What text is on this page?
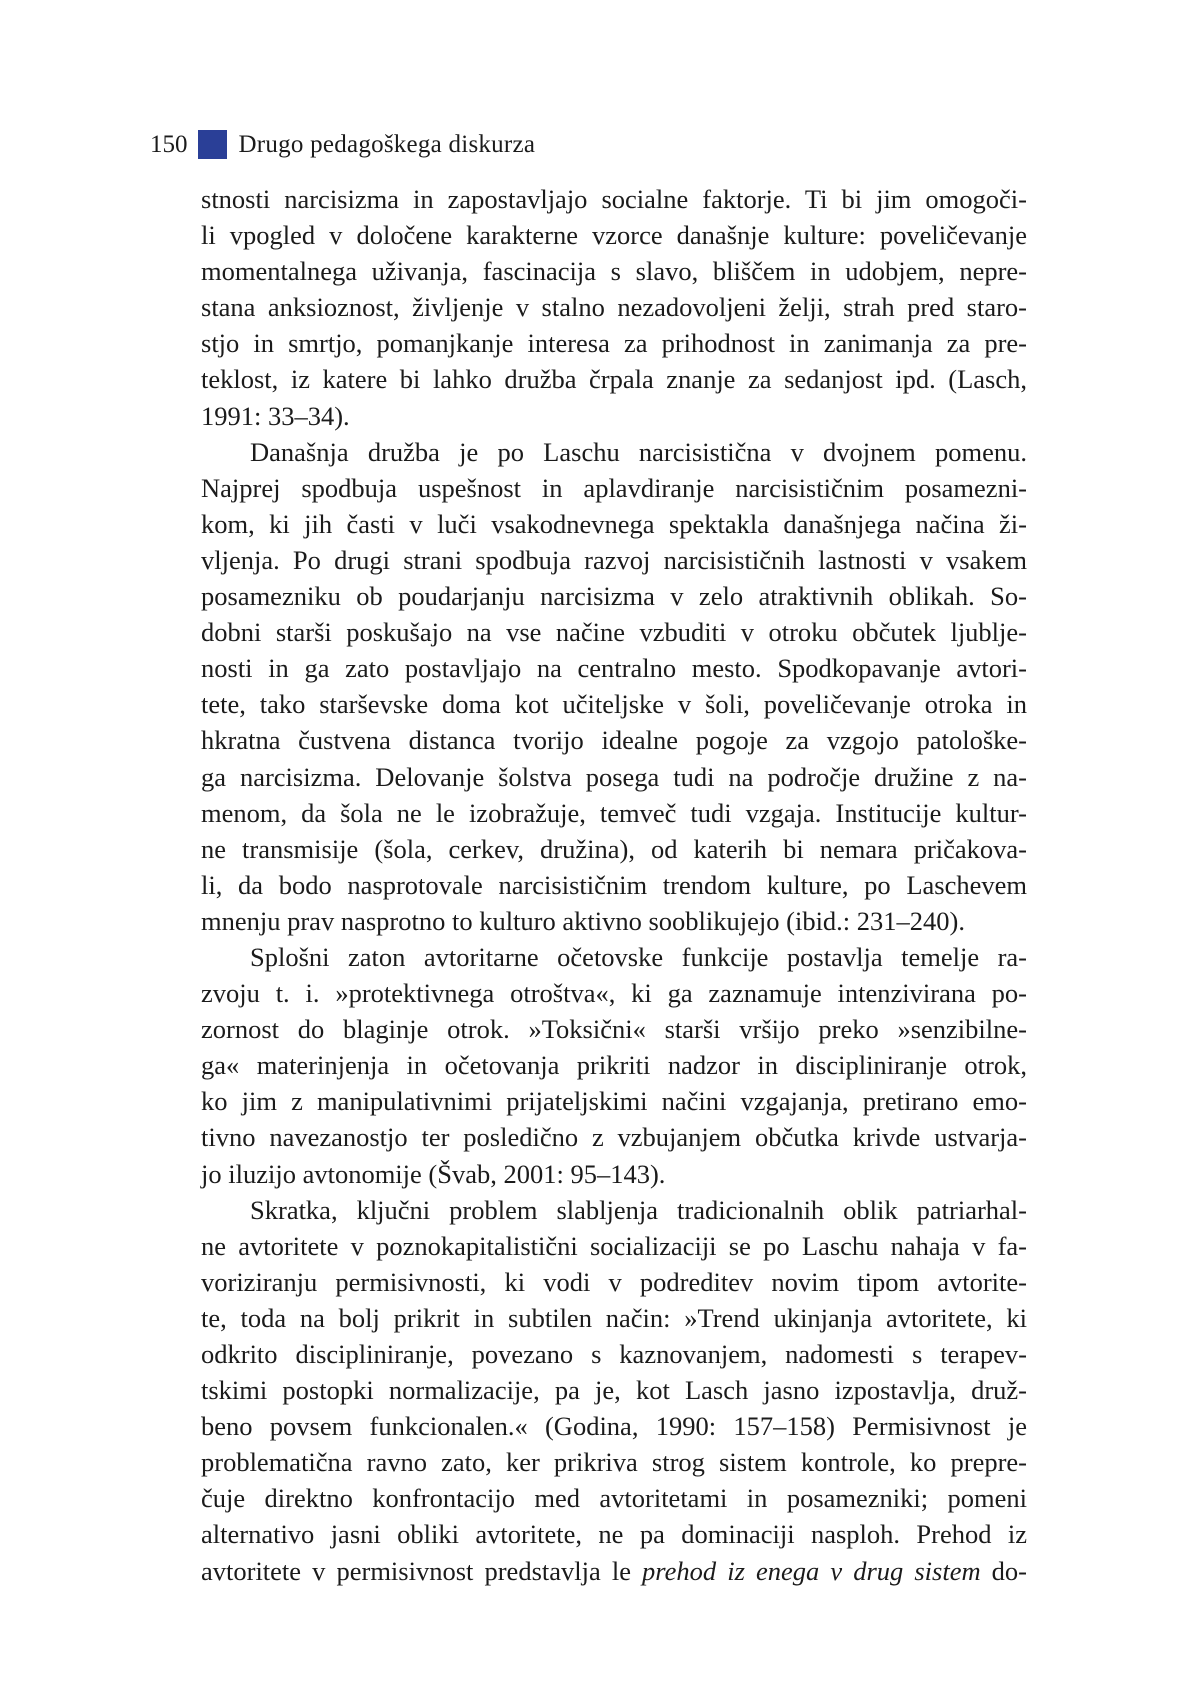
150 Drugo pedagoškega diskurza
stnosti narcisizma in zapostavljajo socialne faktorje. Ti bi jim omogoči-
li vpogled v določene karakterne vzorce današnje kulture: poveličevanje
momentalnega uživanja, fascinacija s slavo, bliščem in udobjem, nepre-
stana anksioznost, življenje v stalno nezadovoljeni želji, strah pred staro-
stjo in smrtjo, pomanjkanje interesa za prihodnost in zanimanja za pre-
teklost, iz katere bi lahko družba črpala znanje za sedanjost ipd. (Lasch,
1991: 33–34).
Današnja družba je po Laschu narcisistična v dvojnem pomenu.
Najprej spodbuja uspešnost in aplavdiranje narcisističnim posamezni-
kom, ki jih časti v luči vsakodnevnega spektakla današnjega načina ži-
vljenja. Po drugi strani spodbuja razvoj narcisističnih lastnosti v vsakem
posamezniku ob poudarjanju narcisizma v zelo atraktivnih oblikah. So-
dobni starši poskušajo na vse načine vzbuditi v otroku občutek ljublje-
nosti in ga zato postavljajo na centralno mesto. Spodkopavanje avtori-
tete, tako starševske doma kot učiteljske v šoli, poveličevanje otroka in
hkratna čustvena distanca tvorijo idealne pogoje za vzgojo patološke-
ga narcisizma. Delovanje šolstva posega tudi na področje družine z na-
menom, da šola ne le izobražuje, temveč tudi vzgaja. Institucije kultur-
ne transmisije (šola, cerkev, družina), od katerih bi nemara pričakova-
li, da bodo nasprotovale narcisističnim trendom kulture, po Laschevem
mnenju prav nasprotno to kulturo aktivno sooblikujejo (ibid.: 231–240).
Splošni zaton avtoritarne očetovske funkcije postavlja temelje ra-
zvoju t. i. »protektivnega otroštva«, ki ga zaznamuje intenzivirana po-
zornost do blaginje otrok. »Toksični« starši vršijo preko »senzibilne-
ga« materinjenja in očetovanja prikriti nadzor in discipliniranje otrok,
ko jim z manipulativnimi prijateljskimi načini vzgajanja, pretirano emo-
tivno navezanostjo ter posledično z vzbujanjem občutka krivde ustvarja-
jo iluzijo avtonomije (Švab, 2001: 95–143).
Skratka, ključni problem slabljenja tradicionalnih oblik patriarhal-
ne avtoritete v poznokapitalistični socializaciji se po Laschu nahaja v fa-
voriziranju permisivnosti, ki vodi v podreditev novim tipom avtorite-
te, toda na bolj prikrit in subtilen način: »Trend ukinjanja avtoritete, ki
odkrito discipliniranje, povezano s kaznovanjem, nadomesti s terapev-
tskimi postopki normalizacije, pa je, kot Lasch jasno izpostavlja, druž-
beno povsem funkcionalen.« (Godina, 1990: 157–158) Permisivnost je
problematična ravno zato, ker prikriva strog sistem kontrole, ko prepre-
čuje direktno konfrontacijo med avtoritetami in posamezniki; pomeni
alternativo jasni obliki avtoritete, ne pa dominaciji nasploh. Prehod iz
avtoritete v permisivnost predstavlja le prehod iz enega v drug sistem do-
